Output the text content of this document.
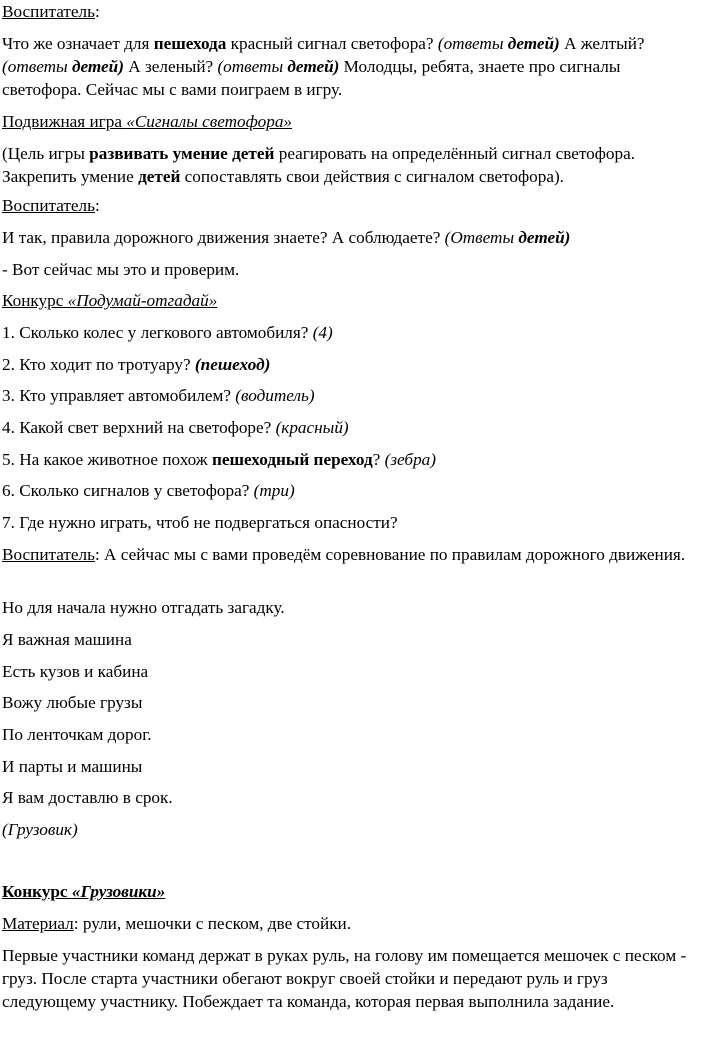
Воспитатель:

Что же означает для пешехода красный сигнал светофора? (ответы детей) А желтый? (ответы детей) А зеленый? (ответы детей) Молодцы, ребята, знаете про сигналы светофора. Сейчас мы с вами поиграем в игру.

Подвижная игра «Сигналы светофора»

(Цель игры развивать умение детей реагировать на определённый сигнал светофора. Закрепить умение детей сопоставлять свои действия с сигналом светофора).

Воспитатель:

И так, правила дорожного движения знаете? А соблюдаете? (Ответы детей)

- Вот сейчас мы это и проверим.

Конкурс «Подумай-отгадай»

1. Сколько колес у легкового автомобиля? (4)

2. Кто ходит по тротуару? (пешеход)

3. Кто управляет автомобилем? (водитель)

4. Какой свет верхний на светофоре? (красный)

5. На какое животное похож пешеходный переход? (зебра)

6. Сколько сигналов у светофора? (три)

7. Где нужно играть, чтоб не подвергаться опасности?

Воспитатель: А сейчас мы с вами проведём соревнование по правилам дорожного движения.

Но для начала нужно отгадать загадку.

Я важная машина

Есть кузов и кабина

Вожу любые грузы

По ленточкам дорог.

И парты и машины

Я вам доставлю в срок.

(Грузовик)

Конкурс «Грузовики»

Материал: рули, мешочки с песком, две стойки.

Первые участники команд держат в руках руль, на голову им помещается мешочек с песком - груз. После старта участники обегают вокруг своей стойки и передают руль и груз следующему участнику. Побеждает та команда, которая первая выполнила задание.
